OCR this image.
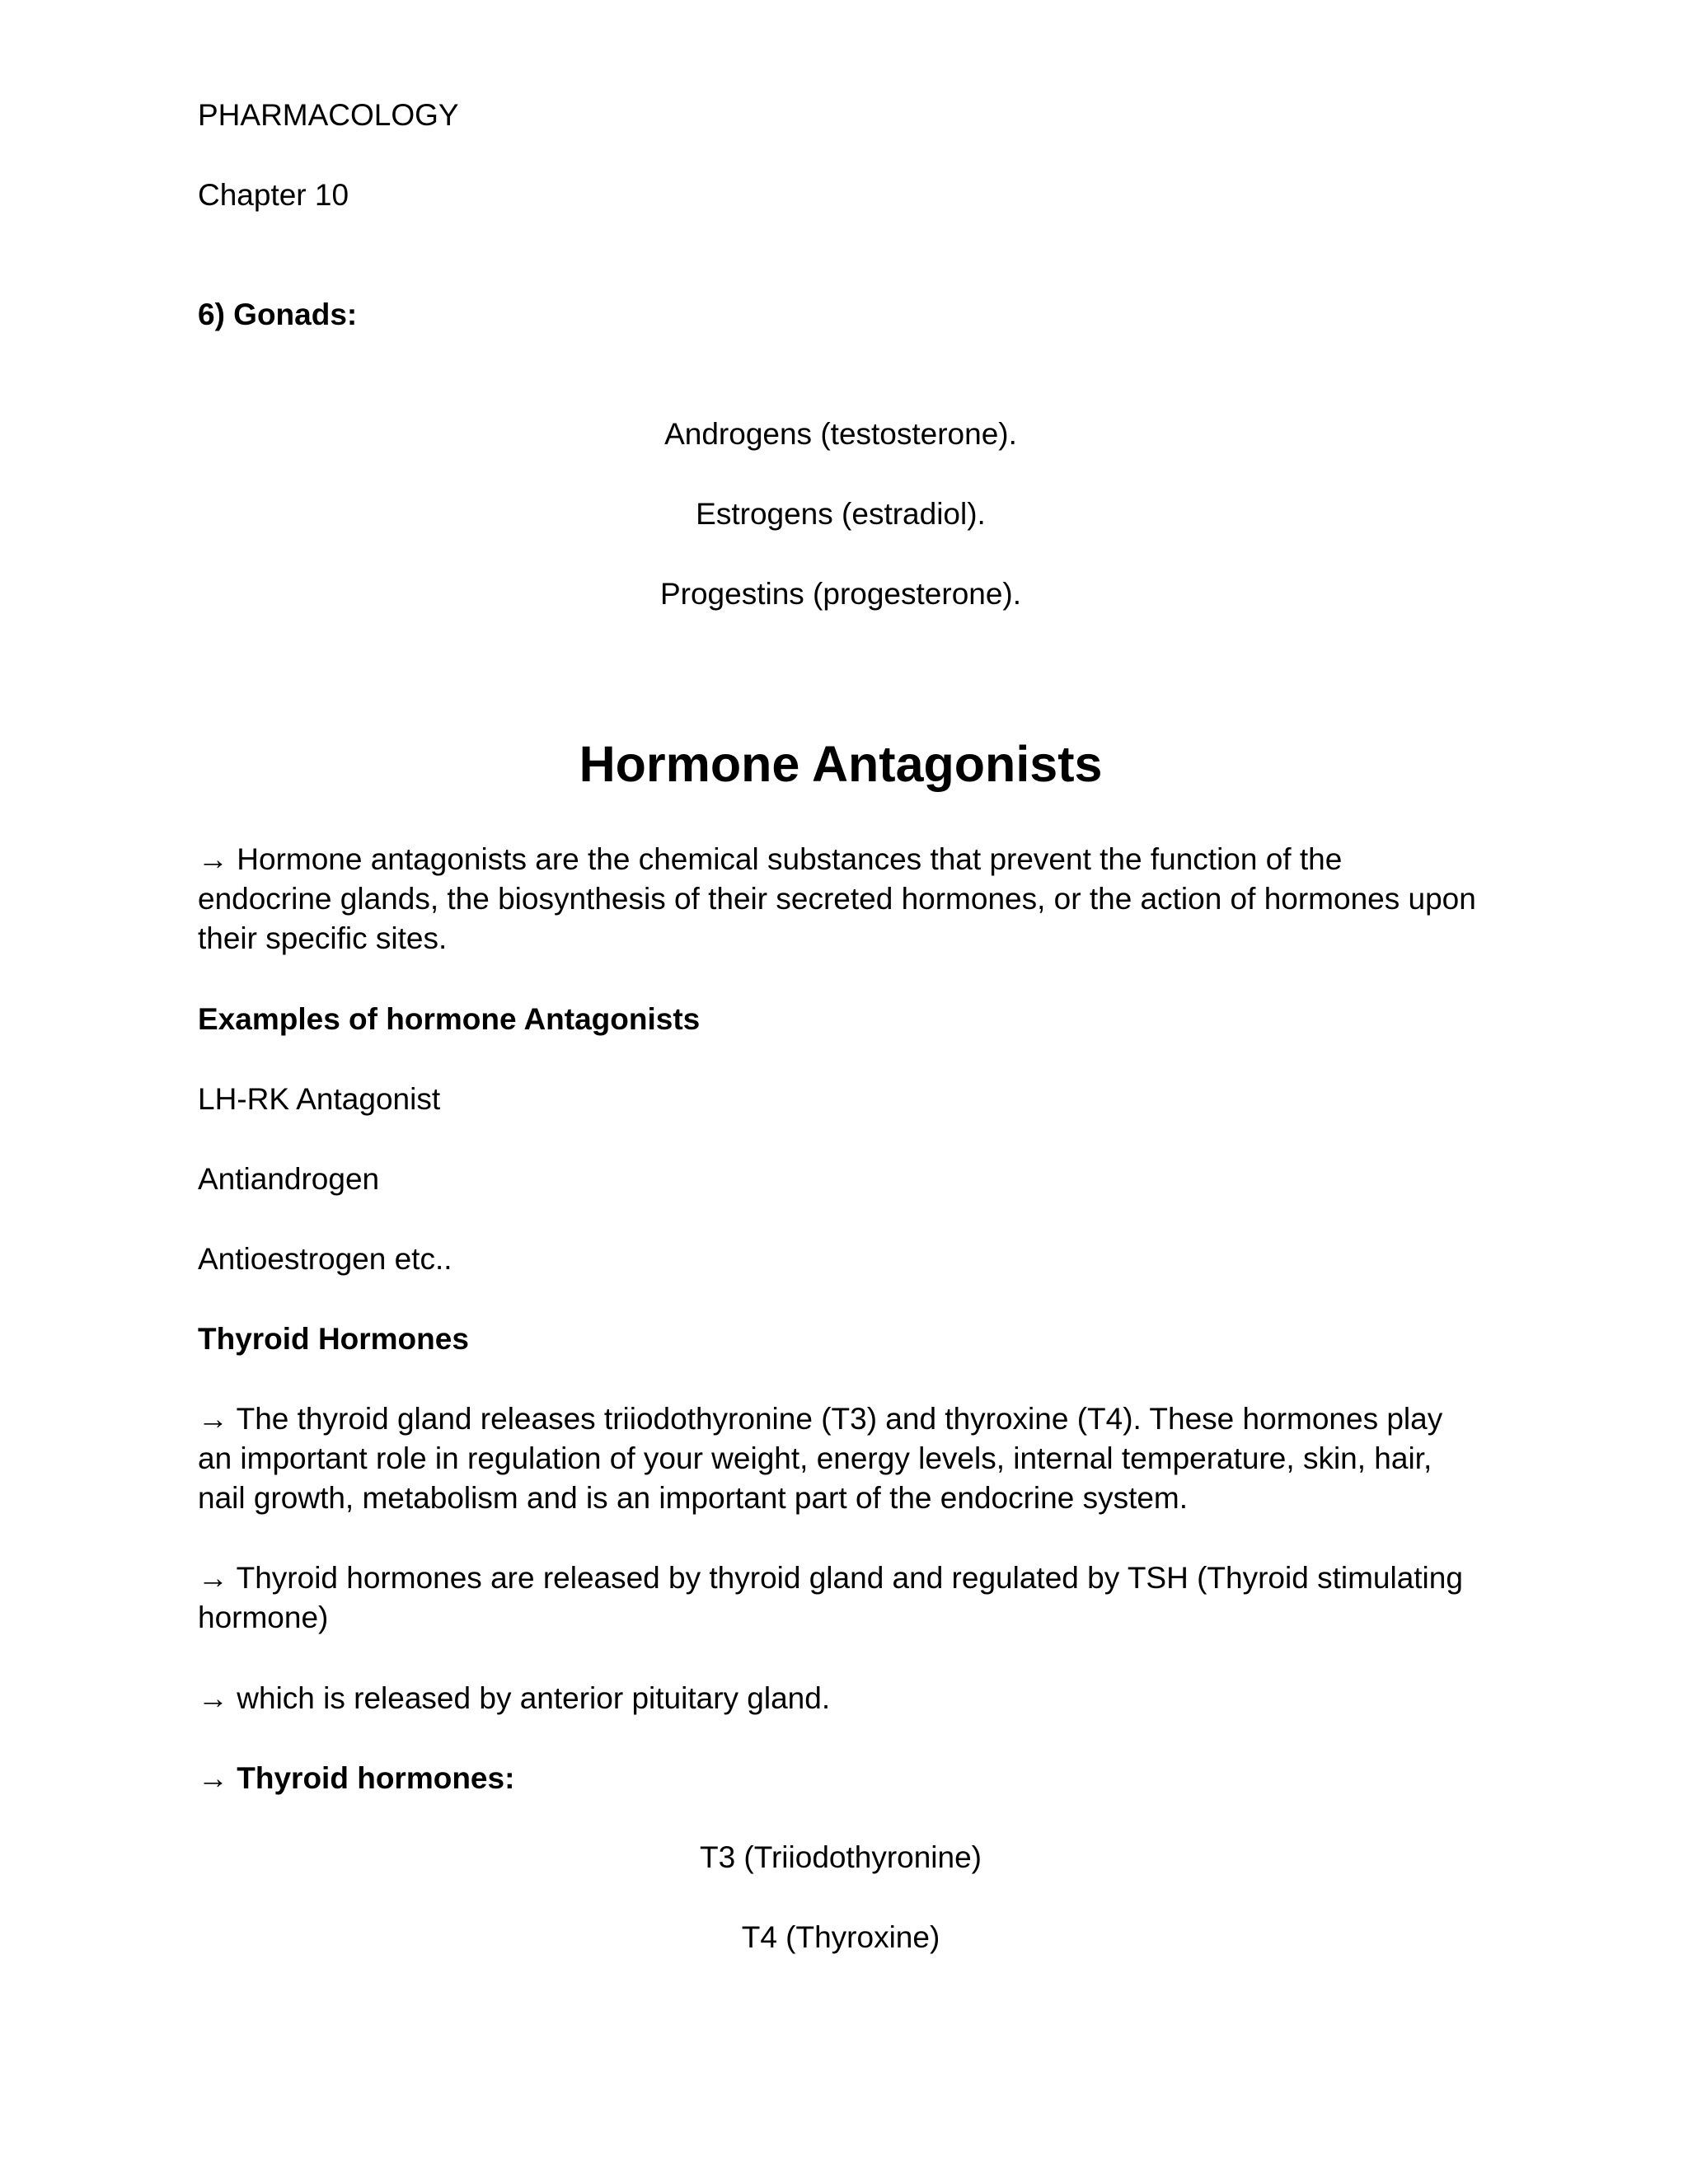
PHARMACOLOGY

Chapter 10

6) Gonads:

Androgens (testosterone).

Estrogens (estradiol).

Progestins (progesterone).

Hormone Antagonists

→ Hormone antagonists are the chemical substances that prevent the function of the endocrine glands, the biosynthesis of their secreted hormones, or the action of hormones upon their specific sites.

Examples of hormone Antagonists

LH-RK Antagonist

Antiandrogen

Antioestrogen etc..

Thyroid Hormones

→ The thyroid gland releases triiodothyronine (T3) and thyroxine (T4). These hormones play an important role in regulation of your weight, energy levels, internal temperature, skin, hair, nail growth, metabolism and is an important part of the endocrine system.

→ Thyroid hormones are released by thyroid gland and regulated by TSH (Thyroid stimulating hormone)

→ which is released by anterior pituitary gland.

→ Thyroid hormones:

T3 (Triiodothyronine)

T4 (Thyroxine)
